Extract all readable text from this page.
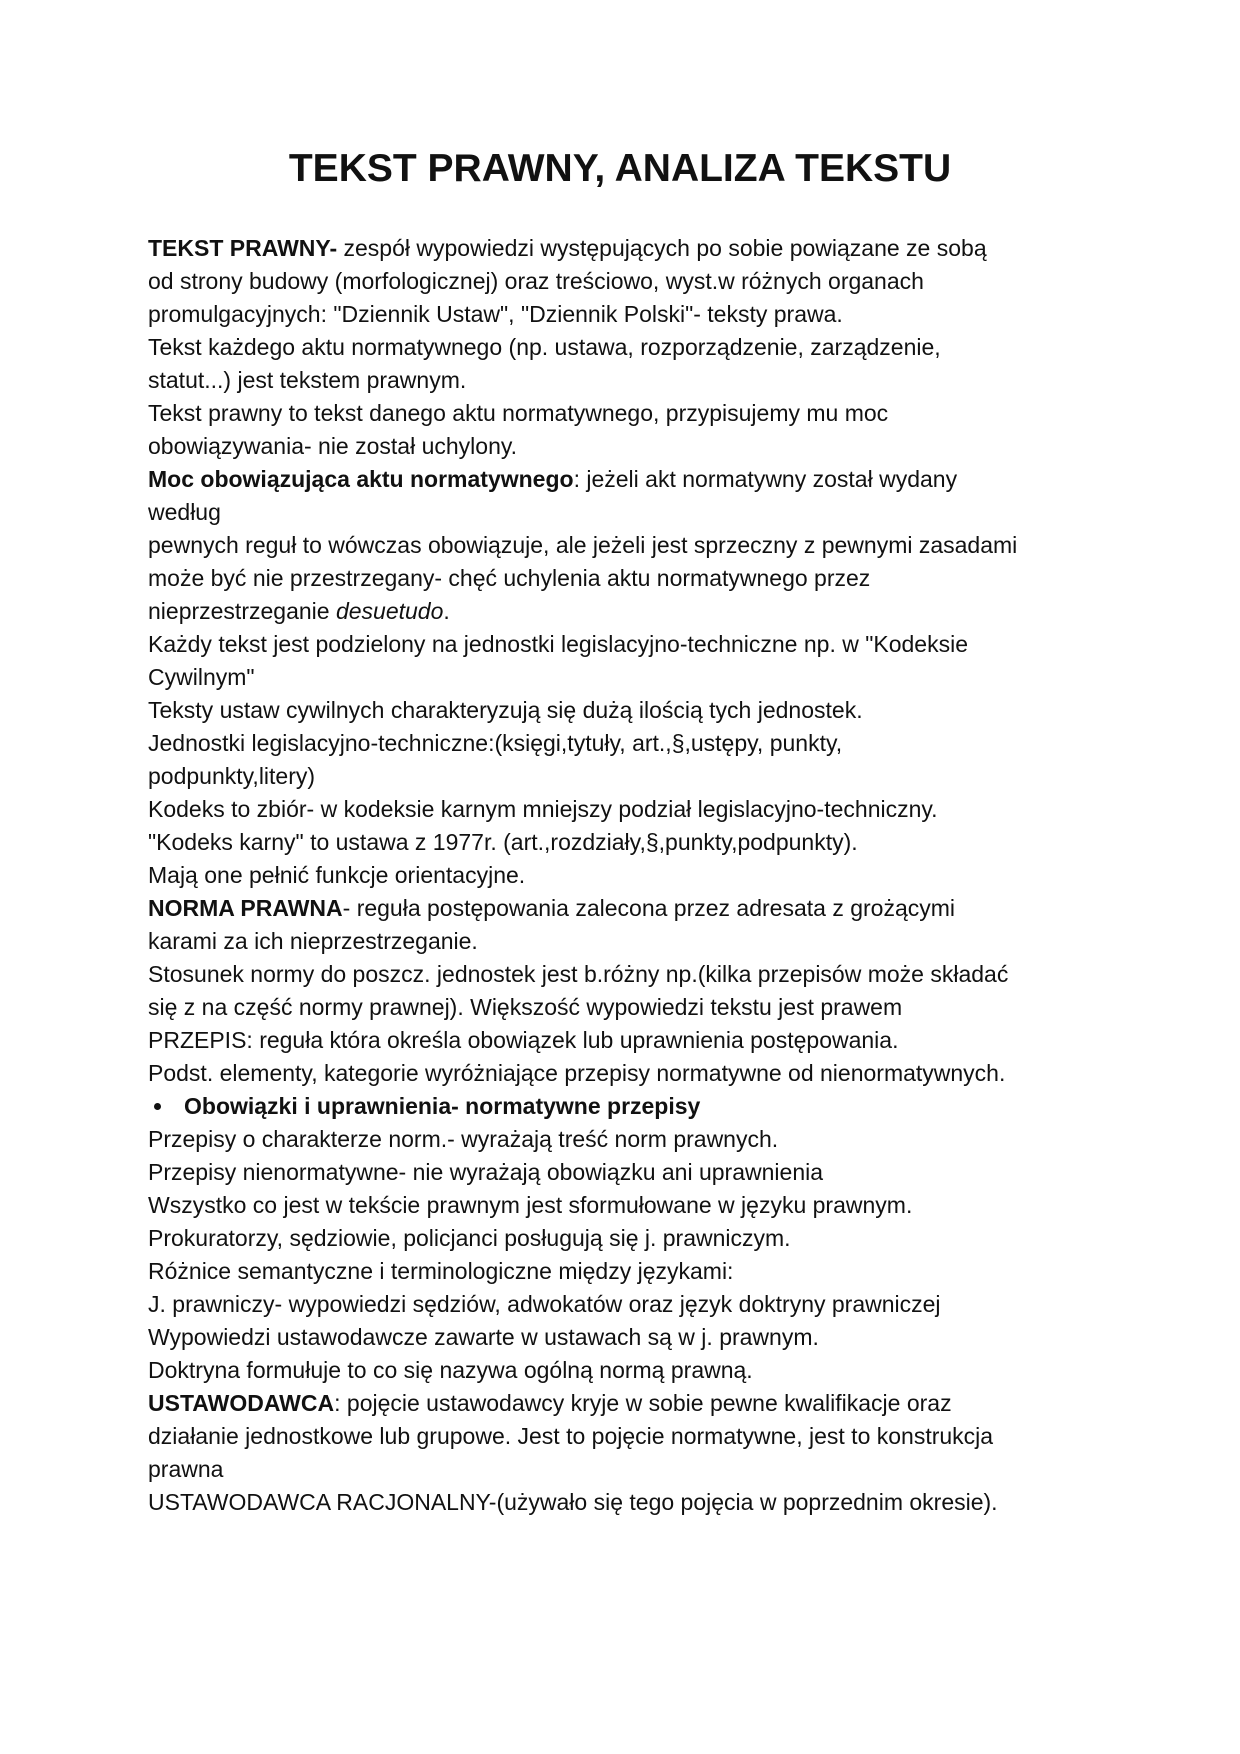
TEKST PRAWNY, ANALIZA TEKSTU
TEKST PRAWNY- zespół wypowiedzi występujących po sobie powiązane ze sobą
od strony budowy (morfologicznej) oraz treściowo, wyst.w różnych organach
promulgacyjnych: "Dziennik Ustaw", "Dziennik Polski"- teksty prawa.
Tekst każdego aktu normatywnego (np. ustawa, rozporządzenie, zarządzenie,
statut...) jest tekstem prawnym.
Tekst prawny to tekst danego aktu normatywnego, przypisujemy mu moc
obowiązywania- nie został uchylony.
Moc obowiązująca aktu normatywnego: jeżeli akt normatywny został wydany
według
pewnych reguł to wówczas obowiązuje, ale jeżeli jest sprzeczny z pewnymi zasadami
może być nie przestrzegany- chęć uchylenia aktu normatywnego przez
nieprzestrzeganie desuetudo.
Każdy tekst jest podzielony na jednostki legislacyjno-techniczne np. w "Kodeksie
Cywilnym"
Teksty ustaw cywilnych charakteryzują się dużą ilością tych jednostek.
Jednostki legislacyjno-techniczne:(księgi,tytuły, art.,§,ustępy, punkty,
podpunkty,litery)
Kodeks to zbiór- w kodeksie karnym mniejszy podział legislacyjno-techniczny.
"Kodeks karny" to ustawa z 1977r. (art.,rozdziały,§,punkty,podpunkty).
Mają one pełnić funkcje orientacyjne.
NORMA PRAWNA- reguła postępowania zalecona przez adresata z grożącymi
karami za ich nieprzestrzeganie.
Stosunek normy do poszcz. jednostek jest b.różny np.(kilka przepisów może składać
się z na część normy prawnej). Większość wypowiedzi tekstu jest prawem
PRZEPIS: reguła która określa obowiązek lub uprawnienia postępowania.
Podst. elementy, kategorie wyróżniające przepisy normatywne od nienormatywnych.
Obowiązki i uprawnienia- normatywne przepisy
Przepisy o charakterze norm.- wyrażają treść norm prawnych.
Przepisy nienormatywne- nie wyrażają obowiązku ani uprawnienia
Wszystko co jest w tekście prawnym jest sformułowane w języku prawnym.
Prokuratorzy, sędziowie, policjanci posługują się j. prawniczym.
Różnice semantyczne i terminologiczne między językami:
J. prawniczy- wypowiedzi sędziów, adwokatów oraz język doktryny prawniczej
Wypowiedzi ustawodawcze zawarte w ustawach są w j. prawnym.
Doktryna formułuje to co się nazywa ogólną normą prawną.
USTAWODAWCA: pojęcie ustawodawcy kryje w sobie pewne kwalifikacje oraz
działanie jednostkowe lub grupowe. Jest to pojęcie normatywne, jest to konstrukcja
prawna
USTAWODAWCA RACJONALNY-(używało się tego pojęcia w poprzednim okresie).
